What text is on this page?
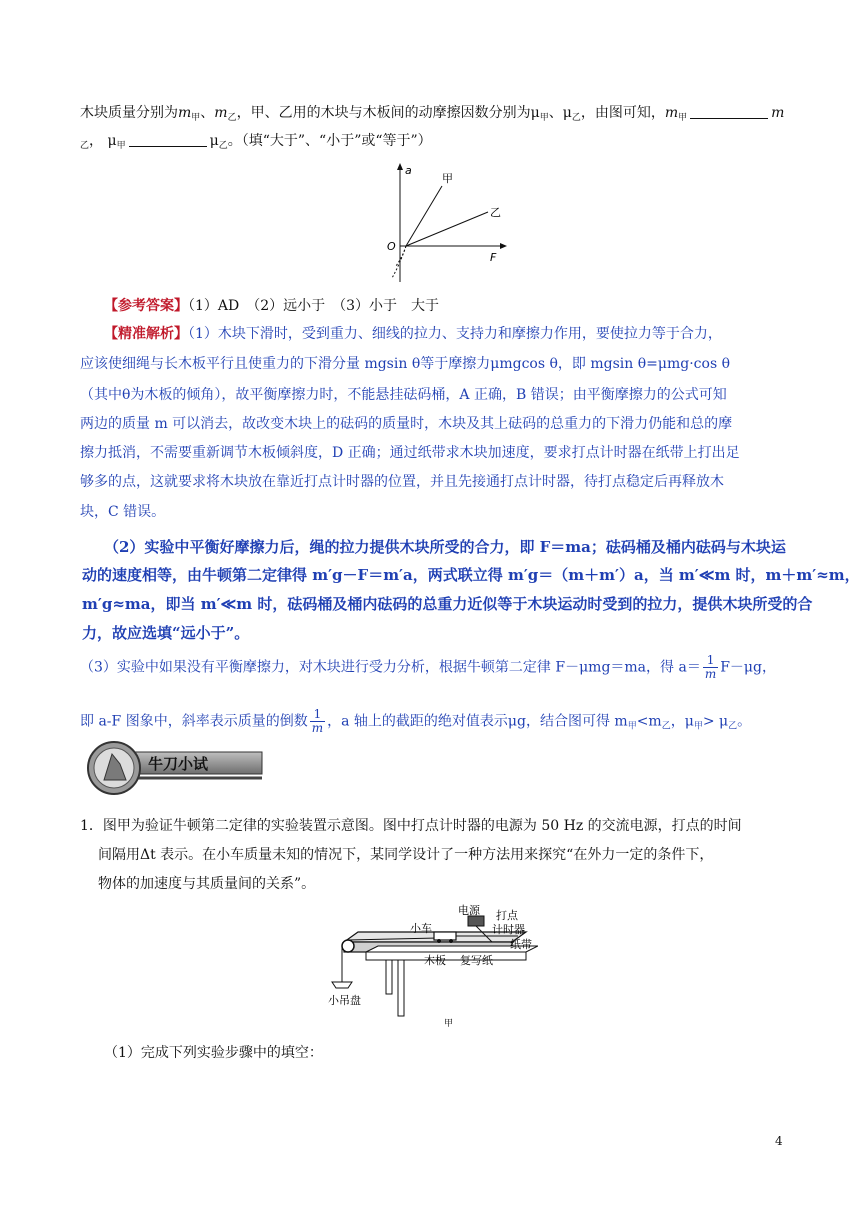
木块质量分别为$m_甲$、$m_乙$，甲、乙用的木块与木板间的动摩擦因数分别为$\mu_甲$、$\mu_乙$，由图可知，$m_甲$	m
$_乙$， $\mu_甲$	$\mu_乙$。（填“大于”、“小于”或“等于”）
a
F
O
甲
乙
【参考答案】（1）AD　（2）远小于　（3）小于　大于
【精准解析】（1）木块下滑时，受到重力、细线的拉力、支持力和摩擦力作用，要使拉力等于合力，
应该使细绳与长木板平行且使重力的下滑分量 mgsin θ等于摩擦力μmgcos θ，即 mgsin θ=μmg·cos θ
（其中θ为木板的倾角），故平衡摩擦力时，不能悬挂砝码桶，A 正确，B 错误；由平衡摩擦力的公式可知
两边的质量 m 可以消去，故改变木块上的砝码的质量时，木块及其上砝码的总重力的下滑力仍能和总的摩
擦力抵消，不需要重新调节木板倾斜度，D 正确；通过纸带求木块加速度，要求打点计时器在纸带上打出足
够多的点，这就要求将木块放在靠近打点计时器的位置，并且先接通打点计时器，待打点稳定后再释放木
块，C 错误。
（2）实验中平衡好摩擦力后，绳的拉力提供木块所受的合力，即 F＝ma；砝码桶及桶内砝码与木块运
动的速度相等，由牛顿第二定律得 m′g－F＝m′a，两式联立得 m′g＝（m＋m′）a，当 m′≪m 时，m＋m′≈m，
m′g≈ma，即当 m′≪m 时，砝码桶及桶内砝码的总重力近似等于木块运动时受到的拉力，提供木块所受的合
力，故应选填“远小于”。
（3）实验中如果没有平衡摩擦力，对木块进行受力分析，根据牛顿第二定律 F－μmg＝ma，得 $a= \frac{1}{m} F-\mu g$，
即 a-F 图象中，斜率表示质量的倒数 $\frac{1}{m}$ ，a 轴上的截距的绝对值表示μg，结合图可得 $m_甲<m_乙$，$\mu_甲> \mu_乙$。
牛刀小试
1．图甲为验证牛顿第二定律的实验装置示意图。图中打点计时器的电源为 50 Hz 的交流电源，打点的时间
间隔用Δt 表示。在小车质量未知的情况下，某同学设计了一种方法用来探究“在外力一定的条件下，
物体的加速度与其质量间的关系”。
电源 打点
计时器
小车
纸带
木板 复写纸
小吊盘
甲
（1）完成下列实验步骤中的填空：
4
